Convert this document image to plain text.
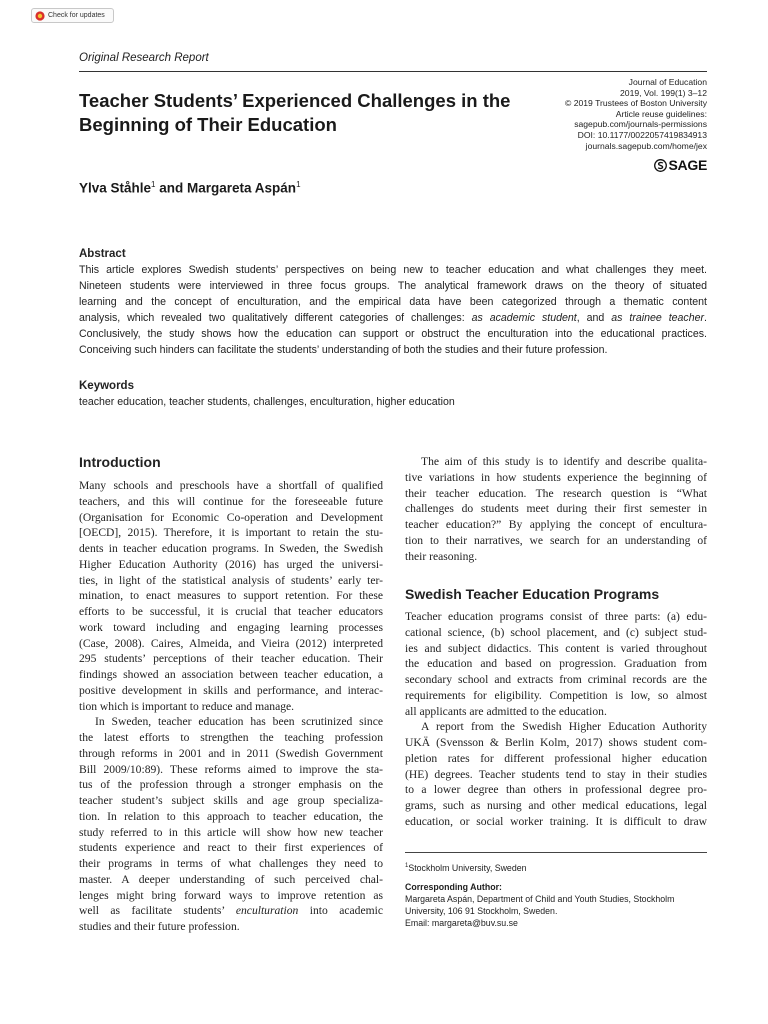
Check for updates
Original Research Report
Teacher Students’ Experienced Challenges in the
Beginning of Their Education
Journal of Education
2019, Vol. 199(1) 3–12
© 2019 Trustees of Boston University
Article reuse guidelines:
sagepub.com/journals-permissions
DOI: 10.1177/0022057419834913
journals.sagepub.com/home/jex
SAGE
Ylva Ståhle$^1$ and Margareta Aspán$^1$
Abstract
This article explores Swedish students’ perspectives on being new to teacher education and what challenges they meet.
Nineteen students were interviewed in three focus groups. The analytical framework draws on the theory of situated
learning and the concept of enculturation, and the empirical data have been categorized through a thematic content
analysis, which revealed two qualitatively different categories of challenges: as academic student, and as trainee teacher.
Conclusively, the study shows how the education can support or obstruct the enculturation into the educational practices.
Conceiving such hinders can facilitate the students’ understanding of both the studies and their future profession.
Keywords
teacher education, teacher students, challenges, enculturation, higher education
Introduction
Many schools and preschools have a shortfall of qualified
teachers, and this will continue for the foreseeable future
(Organisation for Economic Co-operation and Development
[OECD], 2015). Therefore, it is important to retain the stu-
dents in teacher education programs. In Sweden, the Swedish
Higher Education Authority (2016) has urged the universi-
ties, in light of the statistical analysis of students’ early ter-
mination, to enact measures to support retention. For these
efforts to be successful, it is crucial that teacher educators
work toward including and engaging learning processes
(Case, 2008). Caires, Almeida, and Vieira (2012) interpreted
295 students’ perceptions of their teacher education. Their
findings showed an association between teacher education, a
positive development in skills and performance, and interac-
tion which is important to reduce and manage.
In Sweden, teacher education has been scrutinized since
the latest efforts to strengthen the teaching profession
through reforms in 2001 and in 2011 (Swedish Government
Bill 2009/10:89). These reforms aimed to improve the sta-
tus of the profession through a stronger emphasis on the
teacher student’s subject skills and age group specializa-
tion. In relation to this approach to teacher education, the
study referred to in this article will show how new teacher
students experience and react to their first experiences of
their programs in terms of what challenges they need to
master. A deeper understanding of such perceived chal-
lenges might bring forward ways to improve retention as
well as facilitate students’ enculturation into academic
studies and their future profession.
The aim of this study is to identify and describe qualita-
tive variations in how students experience the beginning of
their teacher education. The research question is “What
challenges do students meet during their first semester in
teacher education?” By applying the concept of encultura-
tion to their narratives, we search for an understanding of
their reasoning.
Swedish Teacher Education Programs
Teacher education programs consist of three parts: (a) edu-
cational science, (b) school placement, and (c) subject stud-
ies and subject didactics. This content is varied throughout
the education and based on progression. Graduation from
secondary school and extracts from criminal records are the
requirements for eligibility. Competition is low, so almost
all applicants are admitted to the education.
A report from the Swedish Higher Education Authority
UKÄ (Svensson & Berlin Kolm, 2017) shows student com-
pletion rates for different professional higher education
(HE) degrees. Teacher students tend to stay in their studies
to a lower degree than others in professional degree pro-
grams, such as nursing and other medical educations, legal
education, or social worker training. It is difficult to draw
$^1$Stockholm University, Sweden
Corresponding Author:
Margareta Aspán, Department of Child and Youth Studies, Stockholm
University, 106 91 Stockholm, Sweden.
Email: margareta@buv.su.se
